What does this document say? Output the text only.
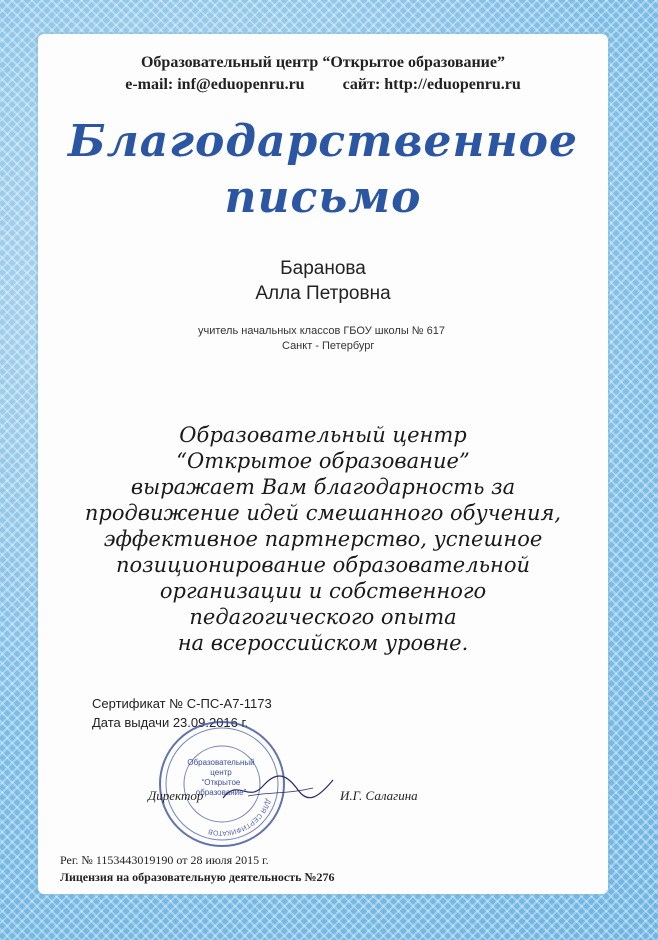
Образовательный центр “Открытое образование”
e-mail: inf@eduopenru.ru сайт: http://eduopenru.ru
Благодарственное
письмо
Баранова
Алла Петровна
учитель начальных классов ГБОУ школы № 617
Санкт - Петербург
Образовательный центр
“Открытое образование”
выражает Вам благодарность за
продвижение идей смешанного обучения,
эффективное партнерство, успешное
позиционирование образовательной
организации и собственного
педагогического опыта
на всероссийском уровне.
Сертификат № С-ПС-А7-1173
Дата выдачи 23.09.2016 г.
ДЛЯ СЕРТИФИКАТОВ
Образовательный
центр
“Открытое
образование”
Директор	И.Г. Салагина
Рег. № 1153443019190 от 28 июля 2015 г.
Лицензия на образовательную деятельность №276
